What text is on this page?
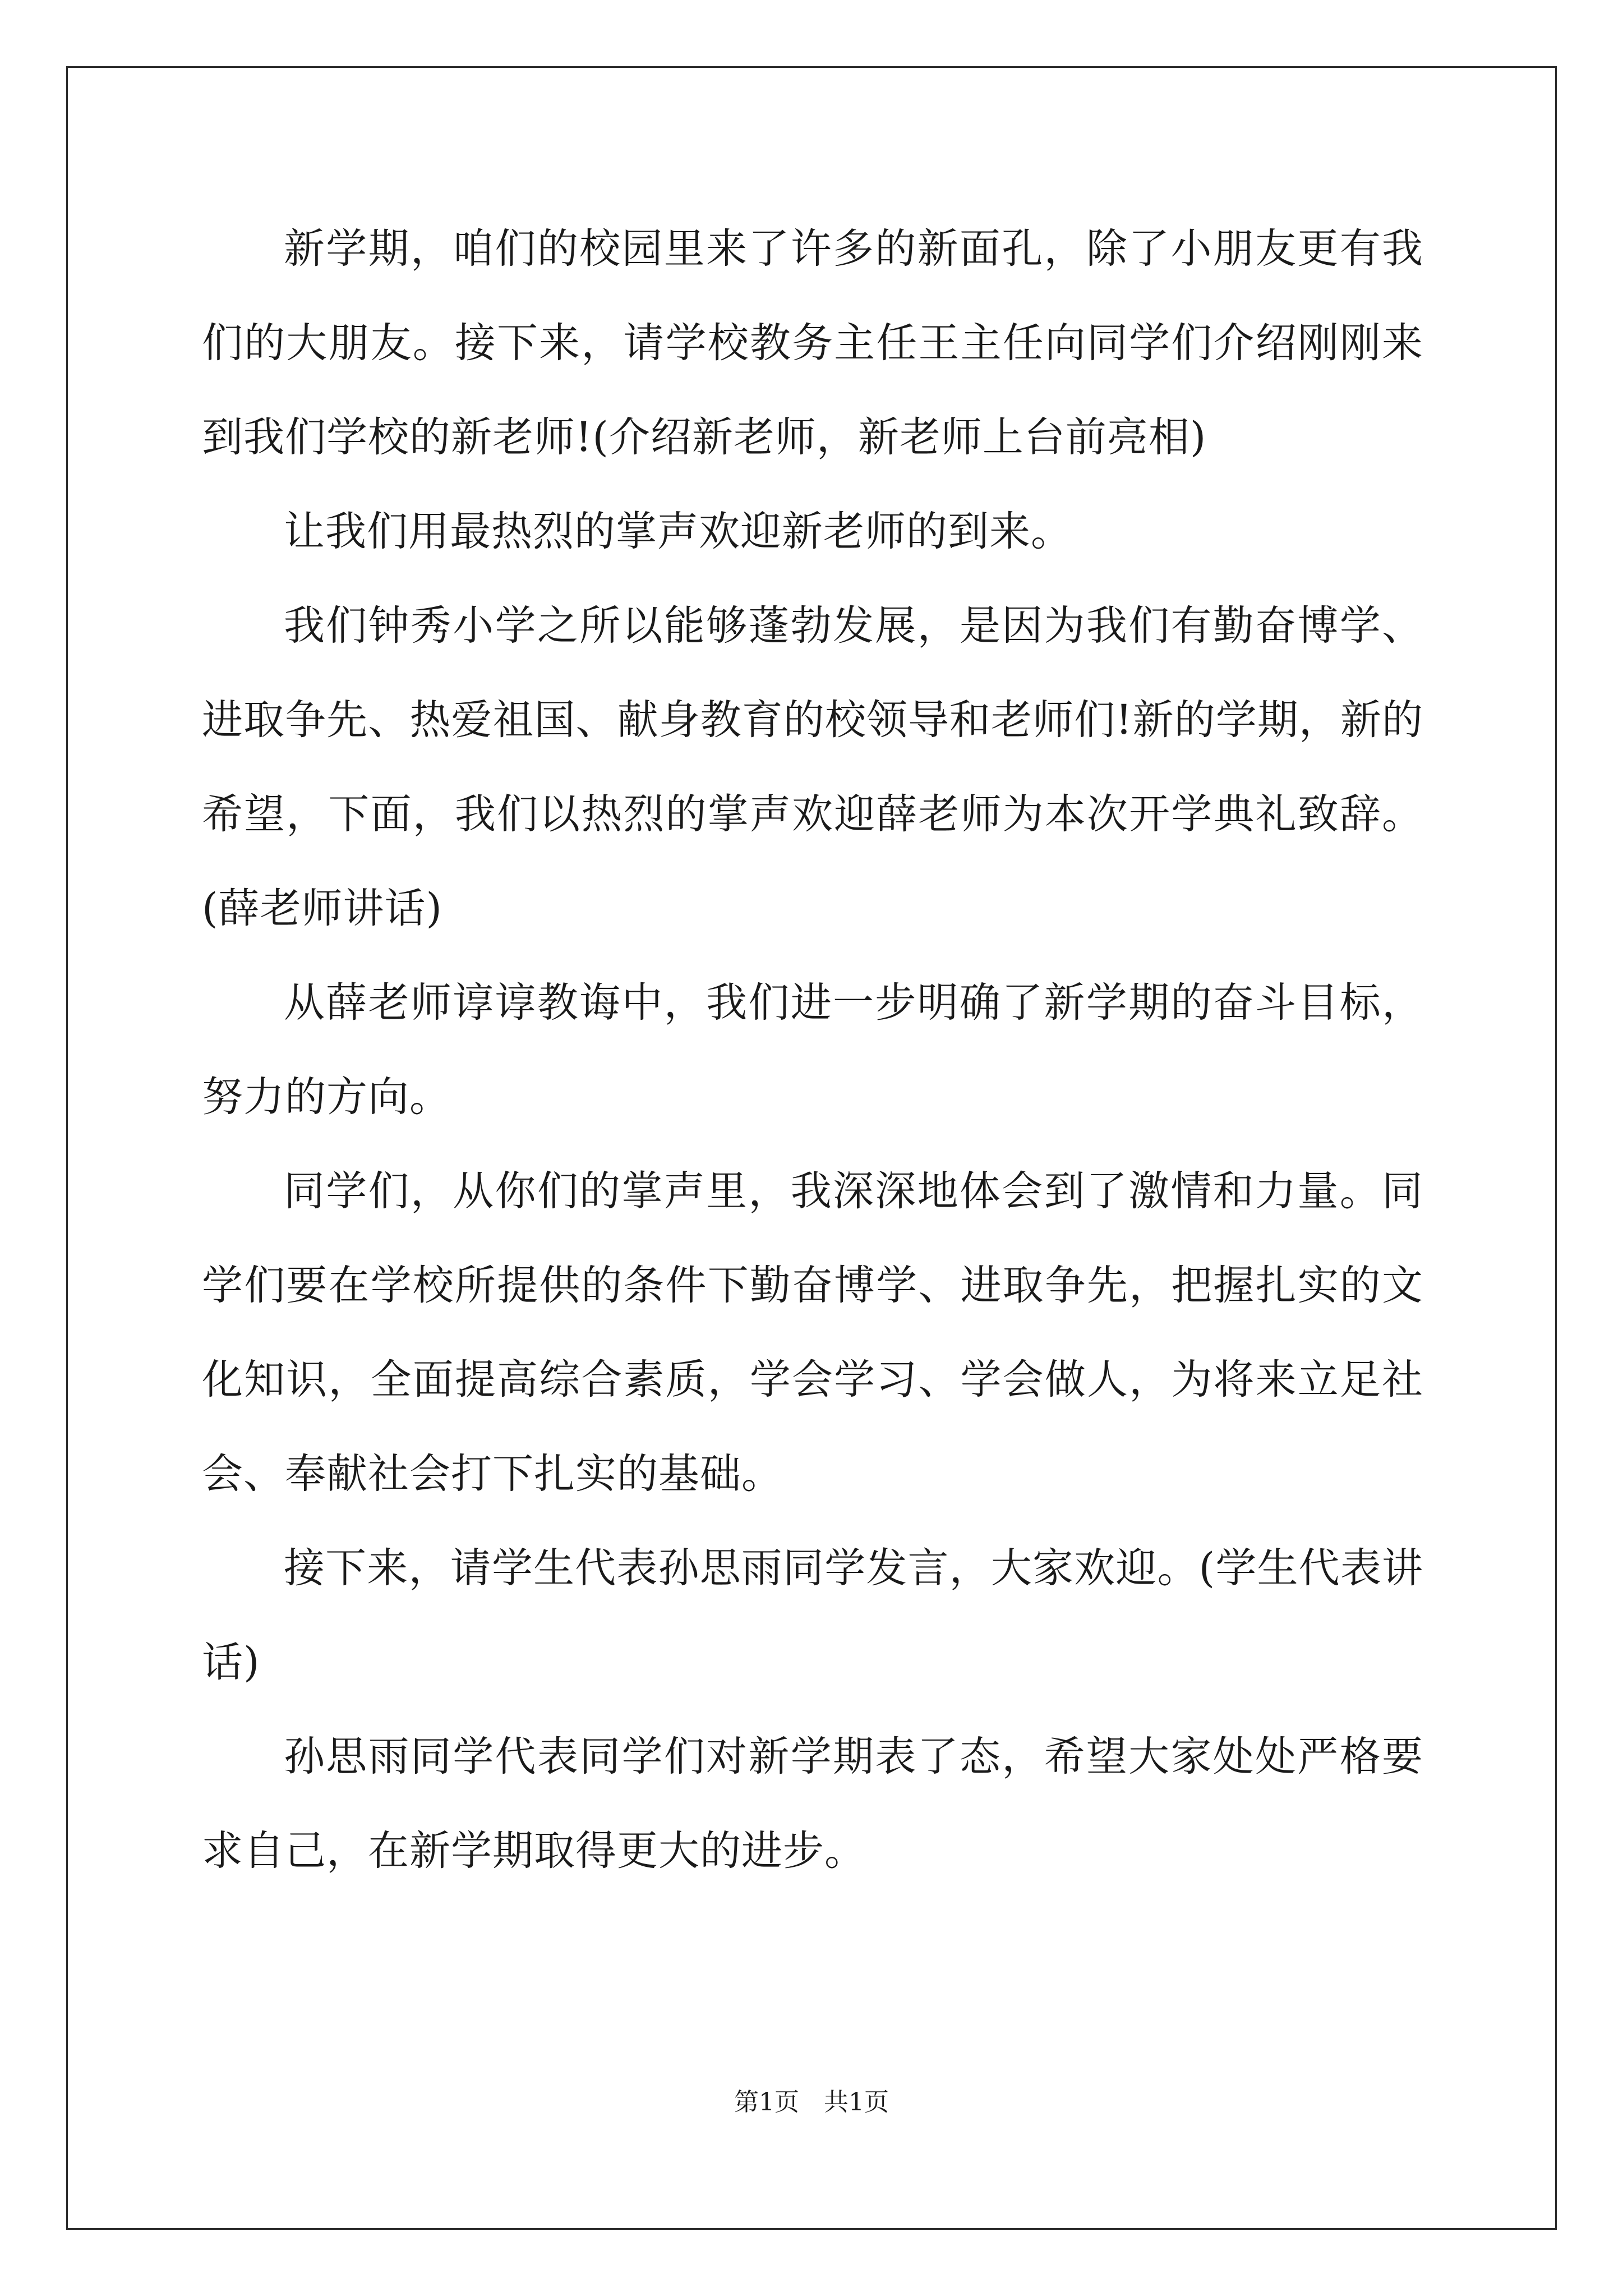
新学期，咱们的校园里来了许多的新面孔，除了小朋友更有我们的大朋友。接下来，请学校教务主任王主任向同学们介绍刚刚来到我们学校的新老师!(介绍新老师，新老师上台前亮相)

让我们用最热烈的掌声欢迎新老师的到来。

我们钟秀小学之所以能够蓬勃发展，是因为我们有勤奋博学、进取争先、热爱祖国、献身教育的校领导和老师们!新的学期，新的希望，下面，我们以热烈的掌声欢迎薛老师为本次开学典礼致辞。(薛老师讲话)

从薛老师谆谆教诲中，我们进一步明确了新学期的奋斗目标，努力的方向。

同学们，从你们的掌声里，我深深地体会到了激情和力量。同学们要在学校所提供的条件下勤奋博学、进取争先，把握扎实的文化知识，全面提高综合素质，学会学习、学会做人，为将来立足社会、奉献社会打下扎实的基础。

接下来，请学生代表孙思雨同学发言，大家欢迎。(学生代表讲话)

孙思雨同学代表同学们对新学期表了态，希望大家处处严格要求自己，在新学期取得更大的进步。

第1页　共1页
